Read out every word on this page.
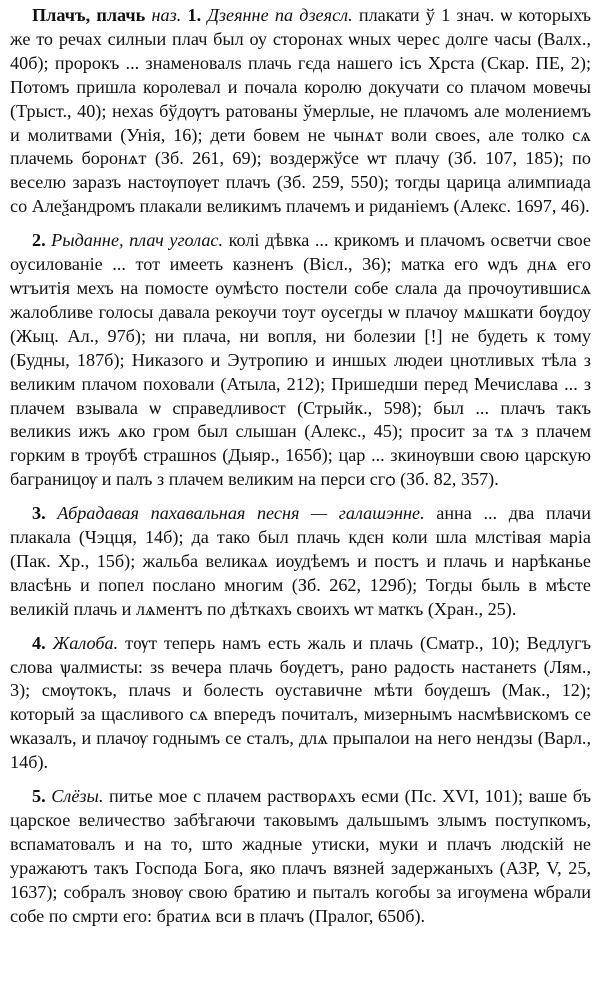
Плачъ, плачь наз. 1. Дзеянне па дзеясл. плакати ў 1 знач. ѡ которыхъ же то речах силныи плач был оу сторонах ѡных черес долге часы (Валх., 40б); пророкъ ... знаменовалѕ плачь гєда нашего ісъ Хрста (Скар. ПЕ, 2); Потомъ пришла королевал и почала королю докучати со плачом мовечы (Трыст., 40); нехаѕ бўдѹтъ ратованы ўмерлые, не плачомъ але молениемъ и молитвами (Унія, 16); дети бовем не чынѧт воли своеѕ, але толко сѧ плачемь боронѧт (Зб. 261, 69); воздержўсе ѡт плачу (Зб. 107, 185); по веселю заразъ настѹпѹет плачъ (Зб. 259, 550); тогды царица алимпиада со Алеѯандромъ плакали великимъ плачемъ и риданіемъ (Алекс. 1697, 46).

2. Рыданне, плач уголас. колі дѣвка ... крикомъ и плачомъ осветчи свое оусилованіе ... тот имееть казненъ (Вісл., 36); матка его ѡдъ днѧ его ѡтъитія мехъ на помосте оумѣсто постели собе слала да прочоутившисѧ жалобливе голосы давала рекоучи тоут оусегды ѡ плачоу мѧшкати бѹдоу (Жыц. Ал., 97б); ни плача, ни вопля, ни болезии [!] не будеть к тому (Будны, 187б); Никазого и Эутропию и иншых людеи цнотливых тѣла з великим плачом поховали (Атыла, 212); Пришедши перед Мечислава ... з плачем взывала ѡ справедливост (Стрыйк., 598); был ... плачъ такъ великиѕ ижъ ѧко гром был слышан (Алекс., 45); просит за тѧ з плачем горким в трѹбѣ страшноѕ (Дыяр., 165б); цар ... зкинѹвши свою царскую баграницѹ и палъ з плачем великим на перси сгѻ (Зб. 82, 357).

3. Абрадавая пахавальная песня — галашэнне. анна ... два плачи плакала (Чэцця, 14б); да тако был плачь кдєн коли шла млстівая маріа (Пак. Хр., 15б); жальба великаѧ иоудѣемъ и постъ и плачь и нарѣканье власѣнь и попел послано многим (Зб. 262, 129б); Тогды быль в мѣсте великій плачь и лѧментъ по дѣткахъ своихъ ѡт маткъ (Хран., 25).

4. Жалоба. тѹт теперь намъ есть жаль и плачь (Сматр., 10); Ведлугъ слова ѱалмисты: зѕ вечера плачь бѹдетъ, рано радость настанетѕ (Лям., 3); смѹтокъ, плачѕ и болесть оуставичне мѣти бѹдешъ (Мак., 12); который за щасливого сѧ впередъ почиталъ, мизернымъ насмѣвискомъ се ѡказалъ, и плачѹ годнымъ се сталъ, длѧ прыпалои на него нендзы (Варл., 14б).

5. Слёзы. питье мое с плачем растворѧхъ есми (Пс. XVI, 101); ваше бъ царское величество забѣгаючи таковымъ дальшымъ злымъ поступкомъ, вспаматовалъ и на то, што жадные утиски, муки и плачъ людскій не уражаютъ такъ Господа Бога, яко плачъ вязней задержаныхъ (АЗР, V, 25, 1637); собралъ зновѹ свою братию и пыталъ когобы за игѹмена ѡбрали собе по смрти его: братиѧ вси в плачъ (Пралог, 650б).
